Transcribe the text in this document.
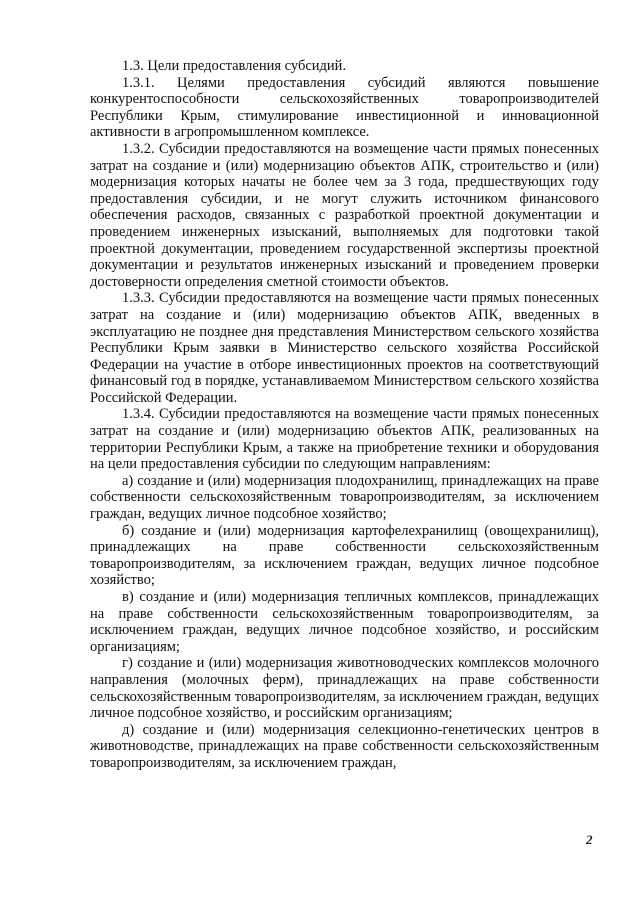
1.3. Цели предоставления субсидий.

1.3.1. Целями предоставления субсидий являются повышение конкурентоспособности сельскохозяйственных товаропроизводителей Республики Крым, стимулирование инвестиционной и инновационной активности в агропромышленном комплексе.

1.3.2. Субсидии предоставляются на возмещение части прямых понесенных затрат на создание и (или) модернизацию объектов АПК, строительство и (или) модернизация которых начаты не более чем за 3 года, предшествующих году предоставления субсидии, и не могут служить источником финансового обеспечения расходов, связанных с разработкой проектной документации и проведением инженерных изысканий, выполняемых для подготовки такой проектной документации, проведением государственной экспертизы проектной документации и результатов инженерных изысканий и проведением проверки достоверности определения сметной стоимости объектов.

1.3.3. Субсидии предоставляются на возмещение части прямых понесенных затрат на создание и (или) модернизацию объектов АПК, введенных в эксплуатацию не позднее дня представления Министерством сельского хозяйства Республики Крым заявки в Министерство сельского хозяйства Российской Федерации на участие в отборе инвестиционных проектов на соответствующий финансовый год в порядке, устанавливаемом Министерством сельского хозяйства Российской Федерации.

1.3.4. Субсидии предоставляются на возмещение части прямых понесенных затрат на создание и (или) модернизацию объектов АПК, реализованных на территории Республики Крым, а также на приобретение техники и оборудования на цели предоставления субсидии по следующим направлениям:

а) создание и (или) модернизация плодохранилищ, принадлежащих на праве собственности сельскохозяйственным товаропроизводителям, за исключением граждан, ведущих личное подсобное хозяйство;

б) создание и (или) модернизация картофелехранилищ (овощехранилищ), принадлежащих на праве собственности сельскохозяйственным товаропроизводителям, за исключением граждан, ведущих личное подсобное хозяйство;

в) создание и (или) модернизация тепличных комплексов, принадлежащих на праве собственности сельскохозяйственным товаропроизводителям, за исключением граждан, ведущих личное подсобное хозяйство, и российским организациям;

г) создание и (или) модернизация животноводческих комплексов молочного направления (молочных ферм), принадлежащих на праве собственности сельскохозяйственным товаропроизводителям, за исключением граждан, ведущих личное подсобное хозяйство, и российским организациям;

д) создание и (или) модернизация селекционно-генетических центров в животноводстве, принадлежащих на праве собственности сельскохозяйственным товаропроизводителям, за исключением граждан,

2
